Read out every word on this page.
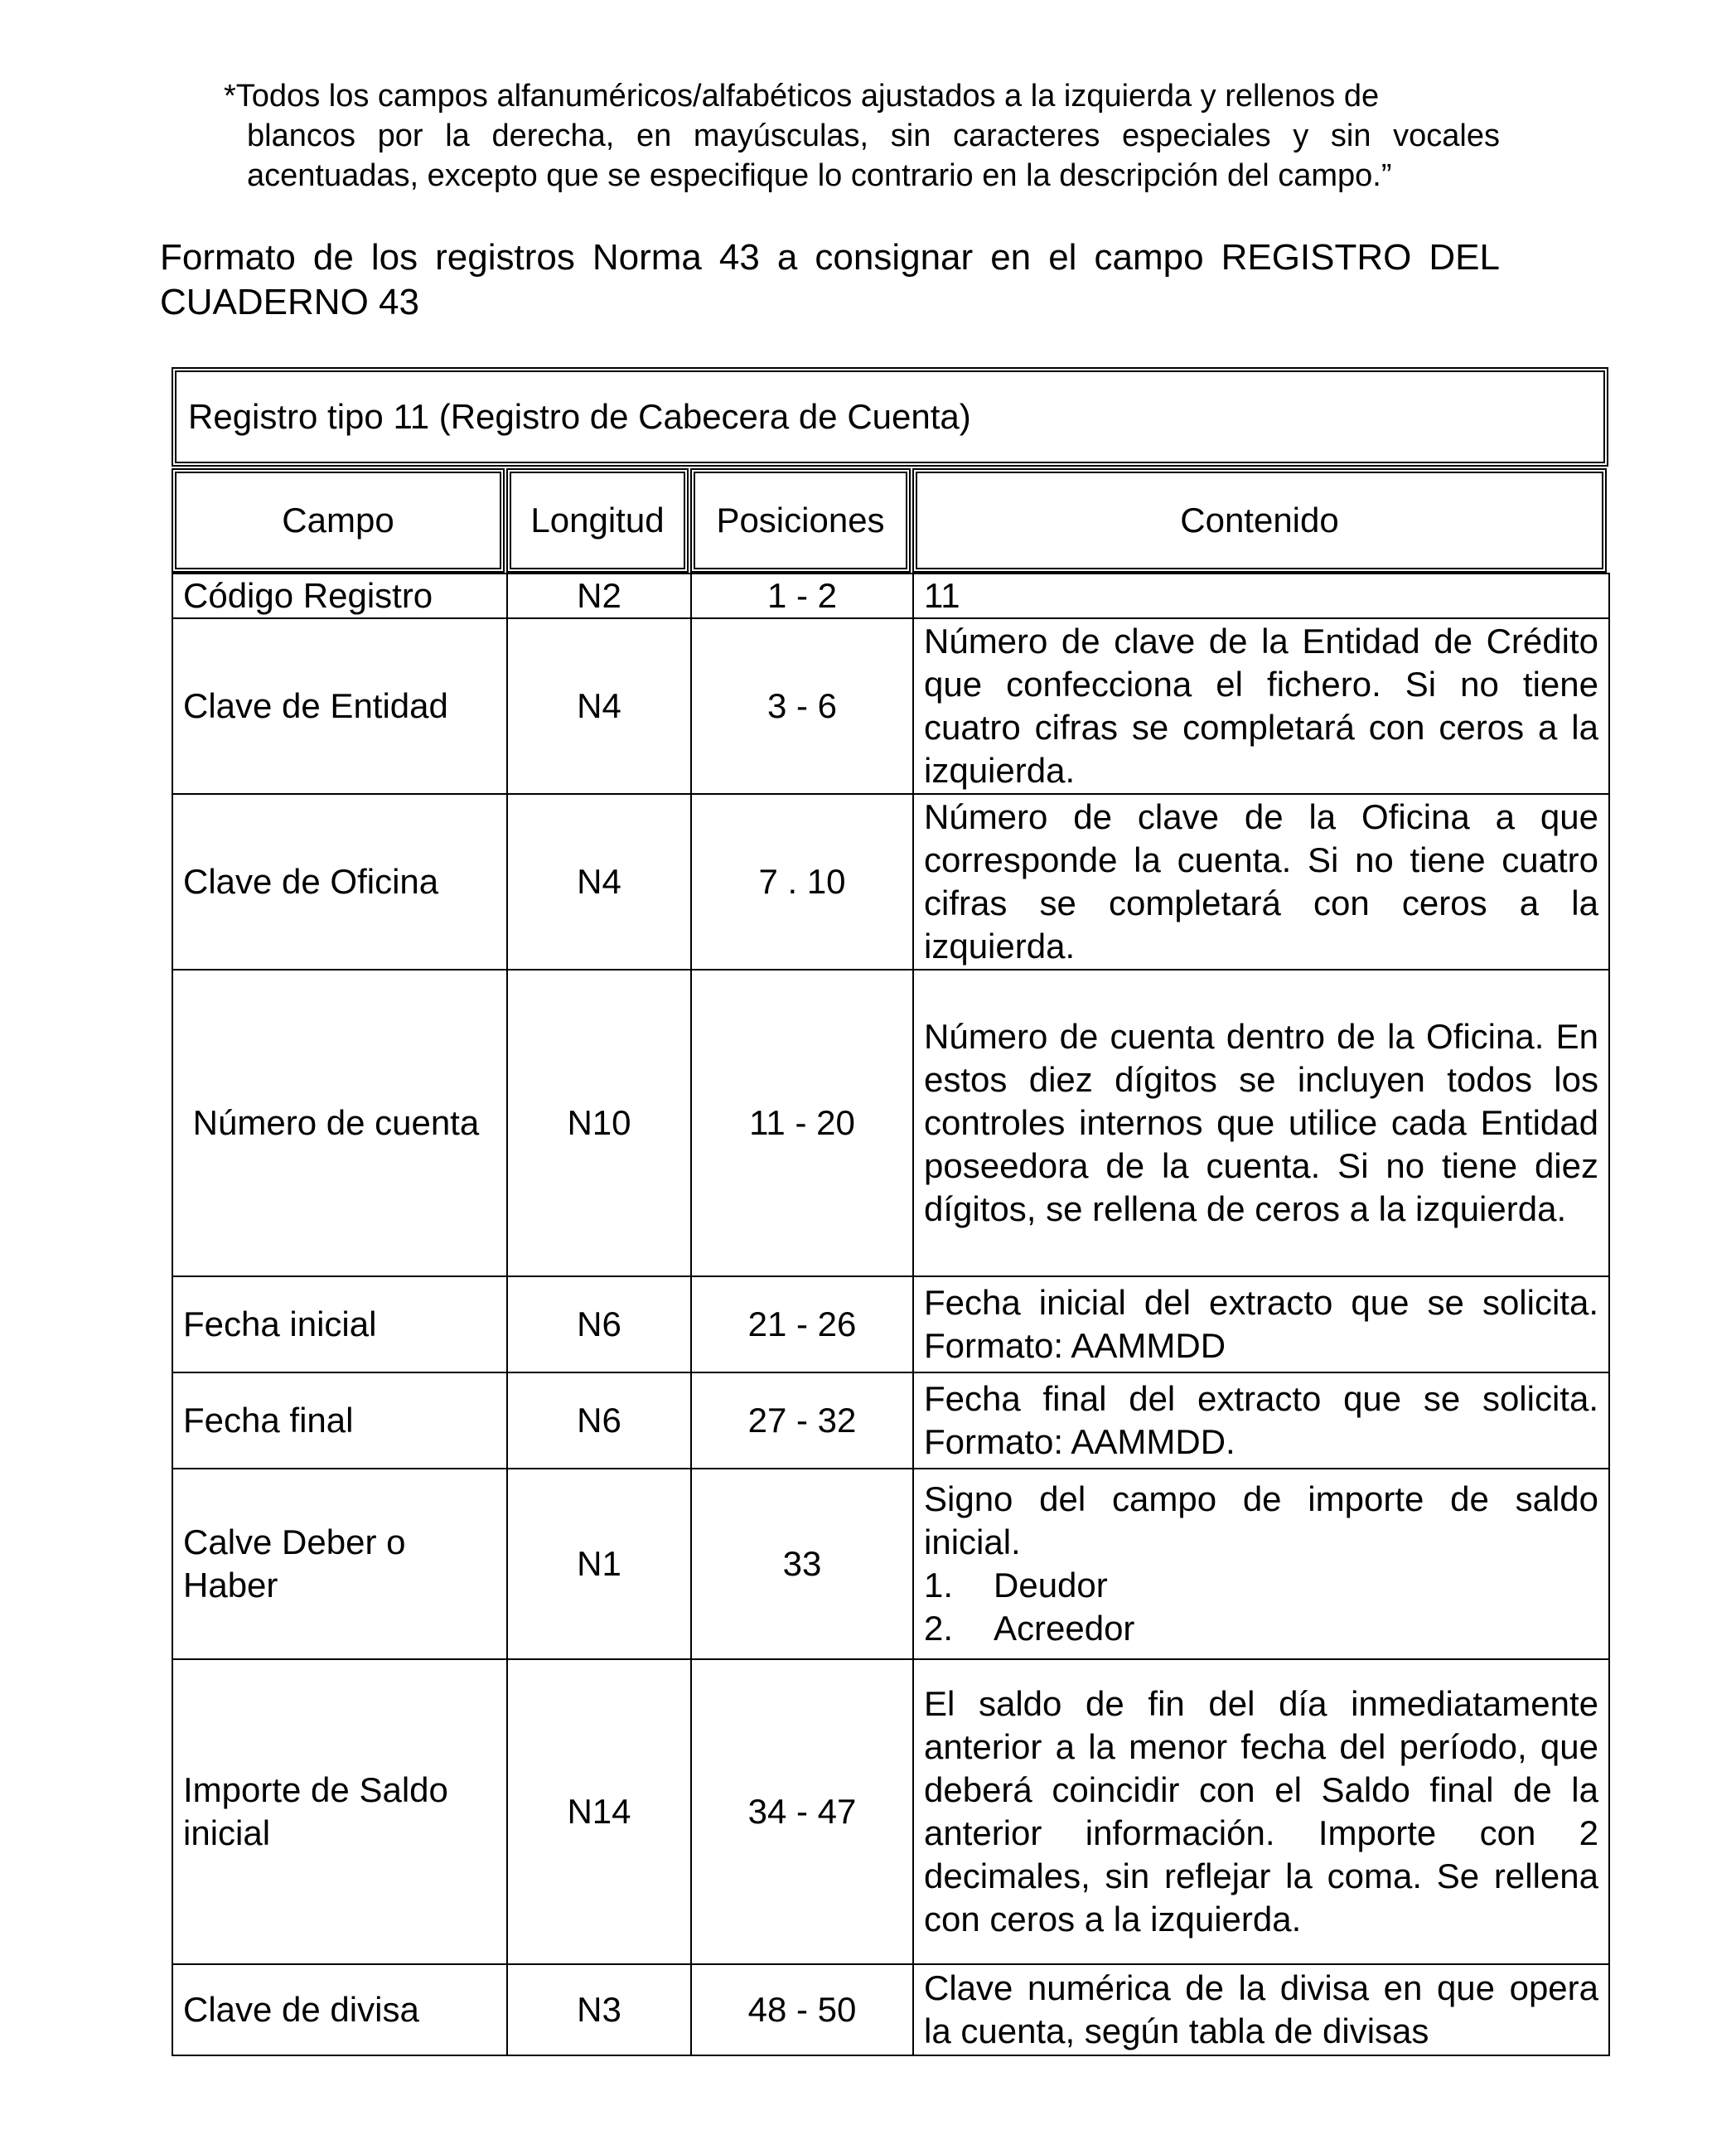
*Todos los campos alfanuméricos/alfabéticos ajustados a la izquierda y rellenos de
blancos por la derecha, en mayúsculas, sin caracteres especiales y sin vocales acentuadas, excepto que se especifique lo contrario en la descripción del campo.”
Formato de los registros Norma 43 a consignar en el campo REGISTRO DEL CUADERNO 43
Registro tipo 11 (Registro de Cabecera de Cuenta)
Campo	Longitud	Posiciones	Contenido
Código Registro	N2	1 - 2	11
Clave de Entidad	N4	3 - 6	Número de clave de la Entidad de Crédito que confecciona el fichero. Si no tiene cuatro cifras se completará con ceros a la izquierda.
Clave de Oficina	N4	7 . 10	Número de clave de la Oficina a que corresponde la cuenta. Si no tiene cuatro cifras se completará con ceros a la izquierda.
Número de cuenta	N10	11 - 20	Número de cuenta dentro de la Oficina. En estos diez dígitos se incluyen todos los controles internos que utilice cada Entidad poseedora de la cuenta. Si no tiene diez dígitos, se rellena de ceros a la izquierda.
Fecha inicial	N6	21 - 26	Fecha inicial del extracto que se solicita. Formato: AAMMDD
Fecha final	N6	27 - 32	Fecha final del extracto que se solicita. Formato: AAMMDD.
Calve Deber o Haber	N1	33	Signo del campo de importe de saldo inicial.
1. Deudor
2. Acreedor

Importe de Saldo inicial	N14	34 - 47	El saldo de fin del día inmediatamente anterior a la menor fecha del período, que deberá coincidir con el Saldo final de la anterior información. Importe con 2 decimales, sin reflejar la coma. Se rellena con ceros a la izquierda.
Clave de divisa	N3	48 - 50	Clave numérica de la divisa en que opera la cuenta, según tabla de divisas
